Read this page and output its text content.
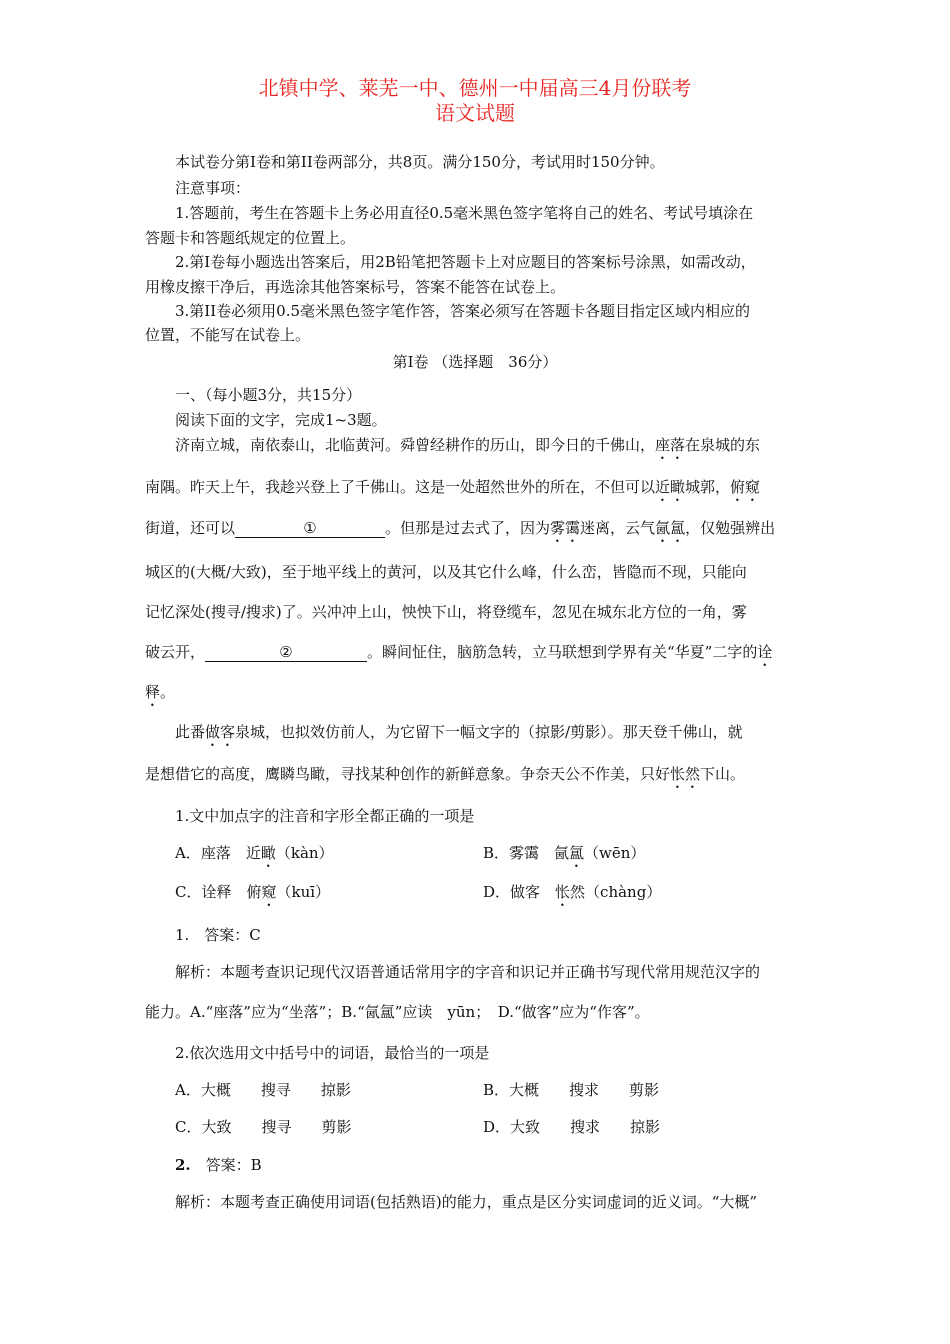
北镇中学、莱芜一中、德州一中届高三4月份联考
语文试题
本试卷分第I卷和第II卷两部分，共8页。满分150分，考试用时150分钟。
注意事项：
1.答题前，考生在答题卡上务必用直径0.5毫米黑色签字笔将自己的姓名、考试号填涂在
答题卡和答题纸规定的位置上。
2.第I卷每小题选出答案后，用2B铅笔把答题卡上对应题目的答案标号涂黑，如需改动，
用橡皮擦干净后，再选涂其他答案标号，答案不能答在试卷上。
3.第II卷必须用0.5毫米黑色签字笔作答，答案必须写在答题卡各题目指定区域内相应的
位置，不能写在试卷上。
第I卷 （选择题　36分）
一、（每小题3分，共15分）
阅读下面的文字，完成1~3题。
济南立城，南依泰山，北临黄河。舜曾经耕作的历山，即今日的千佛山，座落在泉城的东
南隅。昨天上午，我趁兴登上了千佛山。这是一处超然世外的所在，不但可以近瞰城郭，俯窥
街道，还可以	①	。但那是过去式了，因为雾霭迷离，云气氤氲，仅勉强辨出
城区的(大概/大致)，至于地平线上的黄河，以及其它什么峰，什么峦，皆隐而不现，只能向
记忆深处(搜寻/搜求)了。兴冲冲上山，怏怏下山，将登缆车，忽见在城东北方位的一角，雾
破云开，	②	。瞬间怔住，脑筋急转，立马联想到学界有关“华夏”二字的诠
释。
此番做客泉城，也拟效仿前人，为它留下一幅文字的（掠影/剪影）。那天登千佛山，就
是想借它的高度，鹰瞵鸟瞰，寻找某种创作的新鲜意象。争奈天公不作美，只好怅然下山。
1.文中加点字的注音和字形全都正确的一项是
A．座落　近瞰（kàn）	B．雾霭　氤氲（wēn）
C．诠释　俯窥（kuī）	D．做客　怅然（chàng）
1.　答案：C
解析：本题考查识记现代汉语普通话常用字的字音和识记并正确书写现代常用规范汉字的
能力。A.“座落”应为“坐落”；B.“氤氲”应读　yūn；　D.“做客”应为“作客”。
2.依次选用文中括号中的词语，最恰当的一项是
A．大概　　搜寻　　掠影	B．大概　　搜求　　剪影
C．大致　　搜寻　　剪影	D．大致　　搜求　　掠影
2.　答案：B
解析：本题考查正确使用词语(包括熟语)的能力，重点是区分实词虚词的近义词。“大概”
